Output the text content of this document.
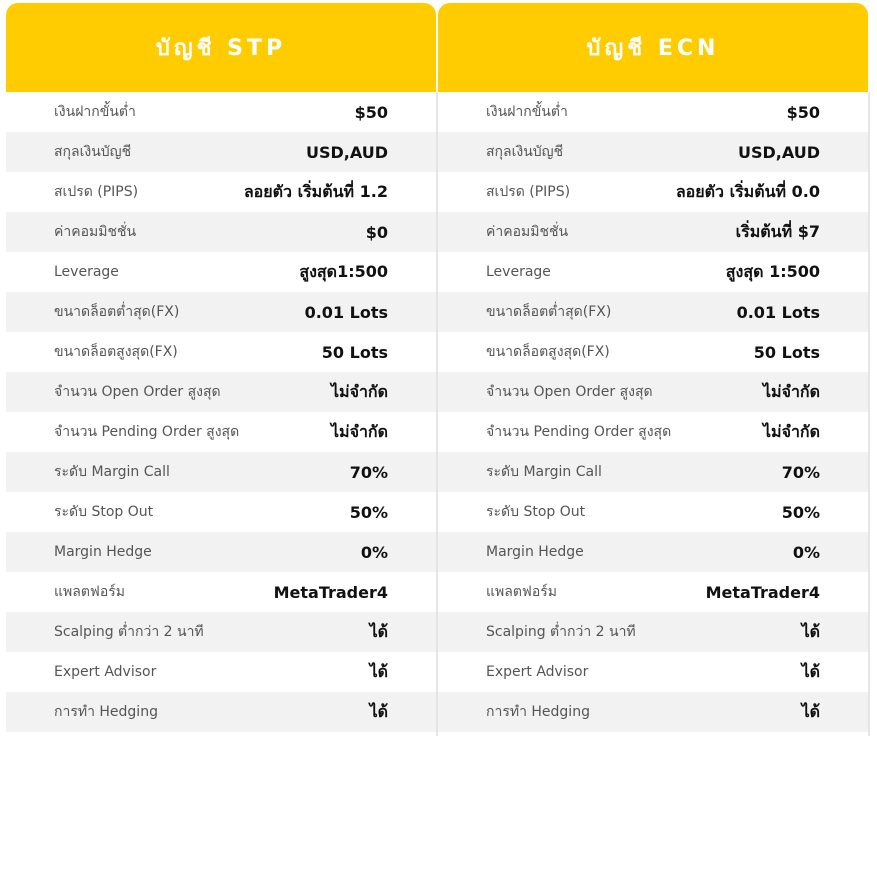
บัญชี STP
เงินฝากขั้นต่ำ	$50
สกุลเงินบัญชี	USD,AUD
สเปรด (PIPS)	ลอยตัว เริ่มต้นที่ 1.2
ค่าคอมมิชชั่น	$0
Leverage	สูงสุด1:500
ขนาดล็อตต่ำสุด(FX)	0.01 Lots
ขนาดล็อตสูงสุด(FX)	50 Lots
จำนวน Open Order สูงสุด	ไม่จำกัด
จำนวน Pending Order สูงสุด	ไม่จำกัด
ระดับ Margin Call	70%
ระดับ Stop Out	50%
Margin Hedge	0%
แพลตฟอร์ม	MetaTrader4
Scalping ต่ำกว่า 2 นาที	ได้
Expert Advisor	ได้
การทำ Hedging	ได้
บัญชี ECN
เงินฝากขั้นต่ำ	$50
สกุลเงินบัญชี	USD,AUD
สเปรด (PIPS)	ลอยตัว เริ่มต้นที่ 0.0
ค่าคอมมิชชั่น	เริ่มต้นที่ $7
Leverage	สูงสุด 1:500
ขนาดล็อตต่ำสุด(FX)	0.01 Lots
ขนาดล็อตสูงสุด(FX)	50 Lots
จำนวน Open Order สูงสุด	ไม่จำกัด
จำนวน Pending Order สูงสุด	ไม่จำกัด
ระดับ Margin Call	70%
ระดับ Stop Out	50%
Margin Hedge	0%
แพลตฟอร์ม	MetaTrader4
Scalping ต่ำกว่า 2 นาที	ได้
Expert Advisor	ได้
การทำ Hedging	ได้
